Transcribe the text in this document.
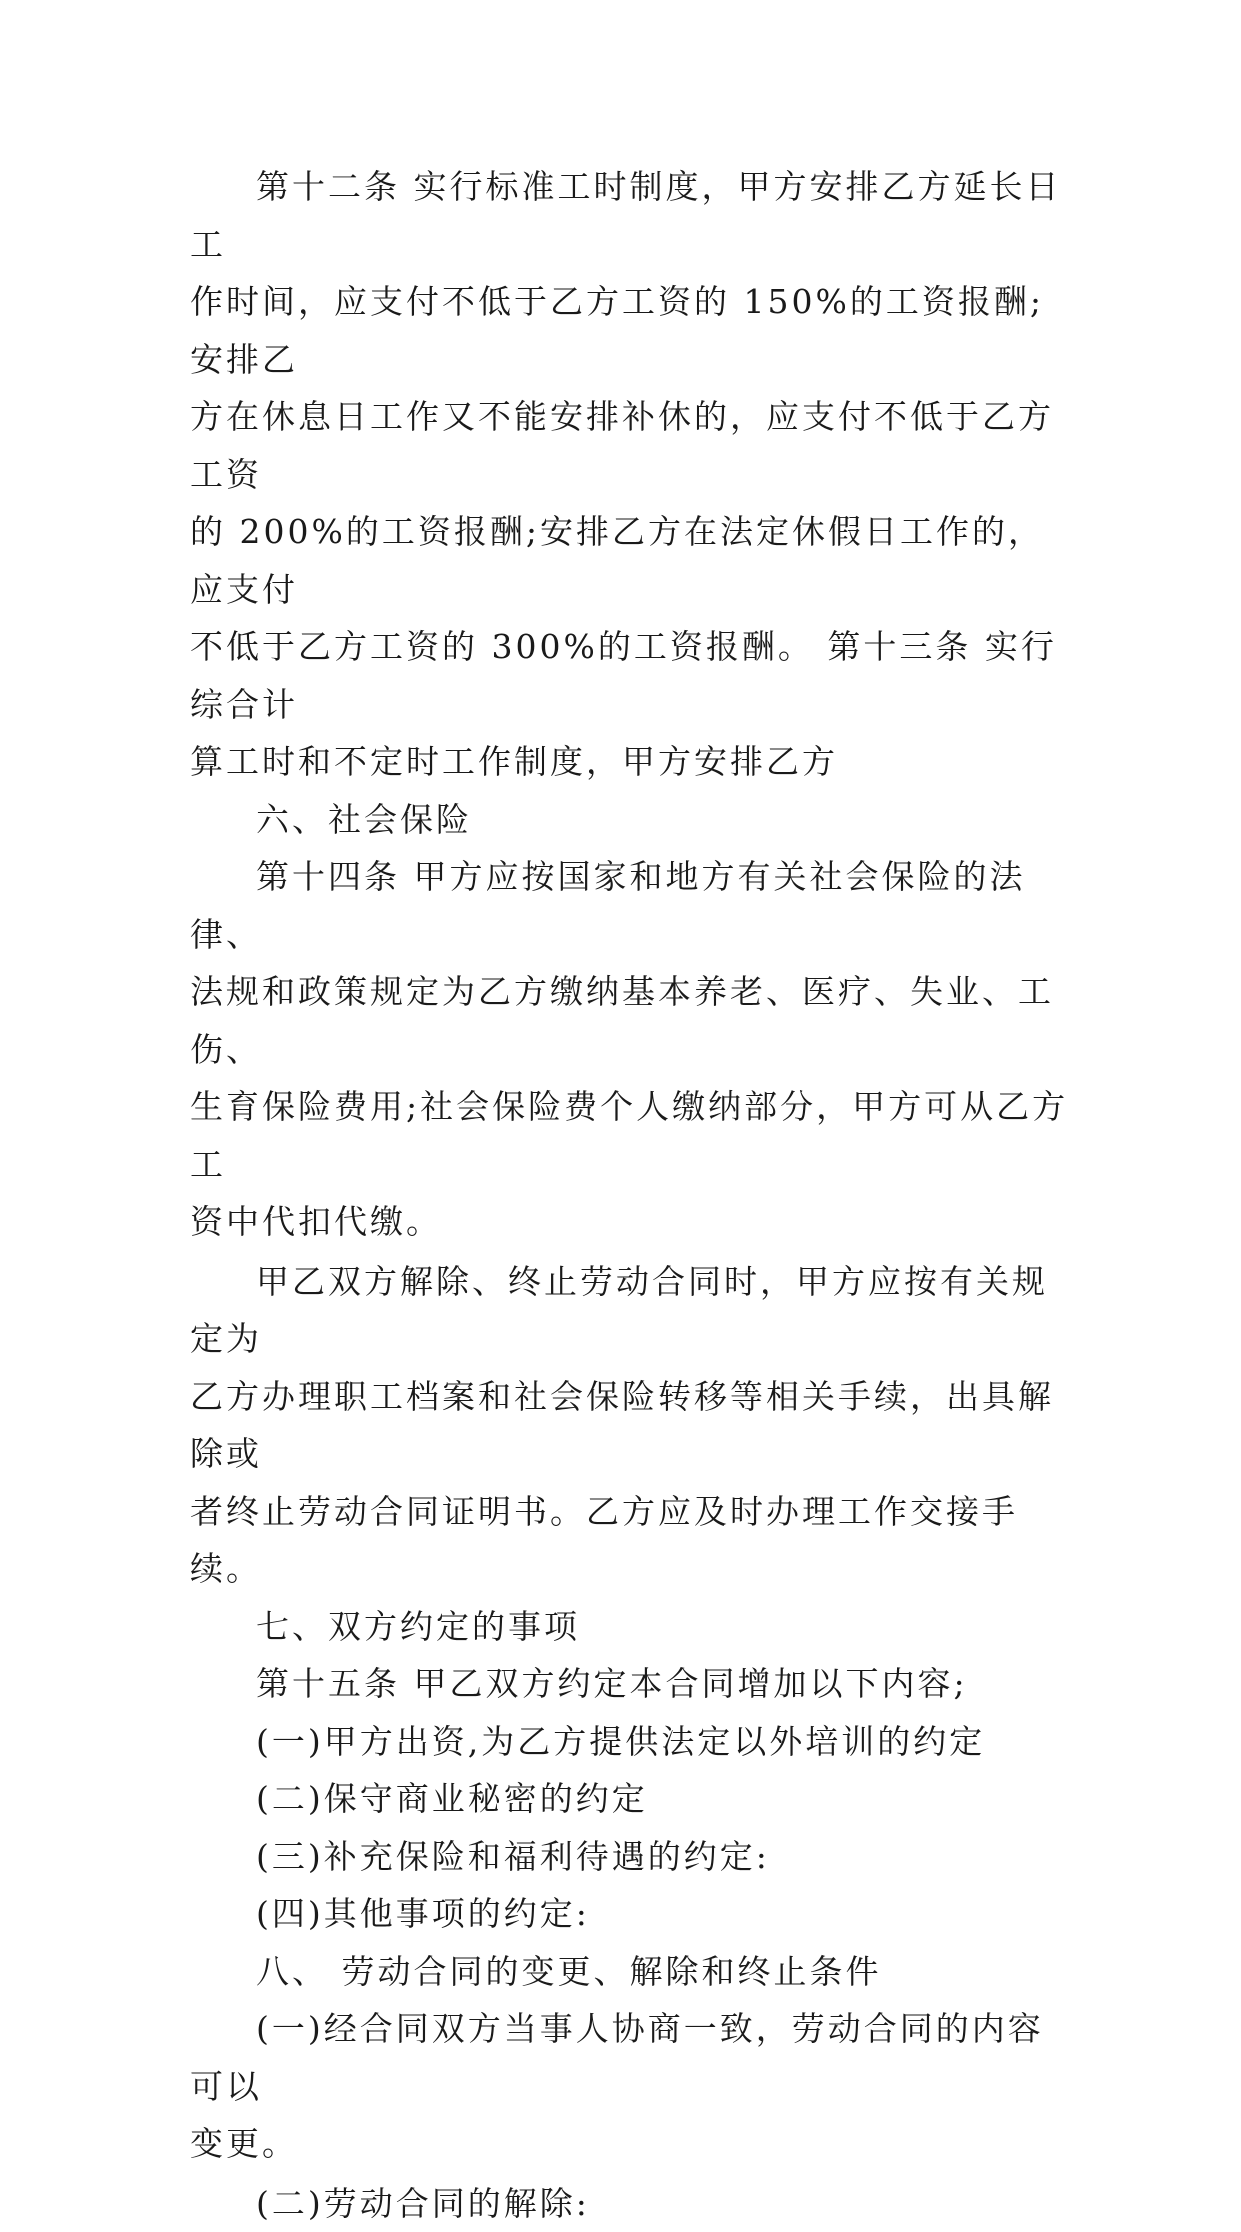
第十二条 实行标准工时制度，甲方安排乙方延长日工
作时间，应支付不低于乙方工资的 150%的工资报酬;安排乙
方在休息日工作又不能安排补休的，应支付不低于乙方工资
的 200%的工资报酬;安排乙方在法定休假日工作的，应支付
不低于乙方工资的 300%的工资报酬。 第十三条 实行综合计
算工时和不定时工作制度，甲方安排乙方

六、社会保险

第十四条 甲方应按国家和地方有关社会保险的法律、
法规和政策规定为乙方缴纳基本养老、医疗、失业、工伤、
生育保险费用;社会保险费个人缴纳部分，甲方可从乙方工
资中代扣代缴。

甲乙双方解除、终止劳动合同时，甲方应按有关规定为
乙方办理职工档案和社会保险转移等相关手续，出具解除或
者终止劳动合同证明书。乙方应及时办理工作交接手续。

七、双方约定的事项

第十五条 甲乙双方约定本合同增加以下内容;

(一)甲方出资,为乙方提供法定以外培训的约定

(二)保守商业秘密的约定

(三)补充保险和福利待遇的约定:

(四)其他事项的约定:

八、 劳动合同的变更、解除和终止条件

(一)经合同双方当事人协商一致，劳动合同的内容可以
变更。

(二)劳动合同的解除:
